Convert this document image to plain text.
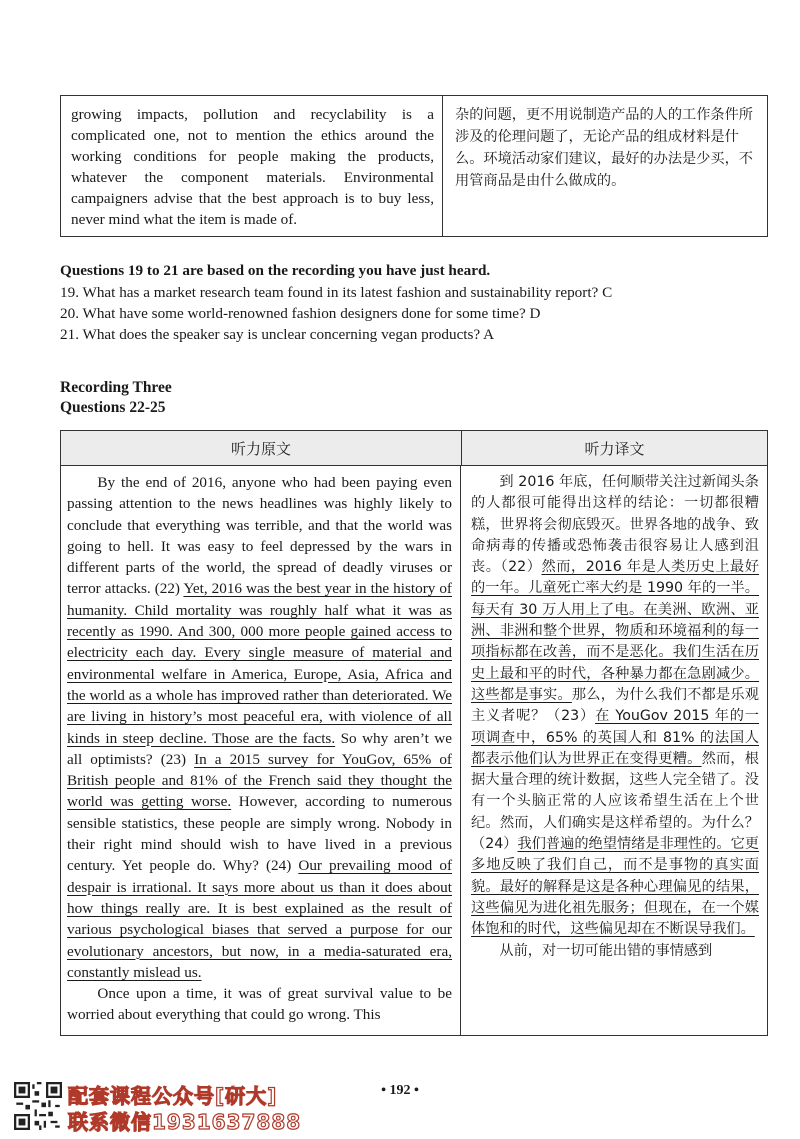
growing impacts, pollution and recyclability is a complicated one, not to mention the ethics around the working conditions for people making the products, whatever the component materials. Environmental campaigners advise that the best approach is to buy less, never mind what the item is made of.
杂的问题，更不用说制造产品的人的工作条件所涉及的伦理问题了，无论产品的组成材料是什么。环境活动家们建议，最好的办法是少买，不用管商品是由什么做成的。
Questions 19 to 21 are based on the recording you have just heard.
19. What has a market research team found in its latest fashion and sustainability report? C
20. What have some world-renowned fashion designers done for some time? D
21. What does the speaker say is unclear concerning vegan products? A
Recording Three
Questions 22-25
听力原文	听力译文

By the end of 2016, anyone who had been paying even passing attention to the news headlines was highly likely to conclude that everything was terrible, and that the world was going to hell. It was easy to feel depressed by the wars in different parts of the world, the spread of deadly viruses or terror attacks. (22) Yet, 2016 was the best year in the history of humanity. Child mortality was roughly half what it was as recently as 1990. And 300, 000 more people gained access to electricity each day. Every single measure of material and environmental welfare in America, Europe, Asia, Africa and the world as a whole has improved rather than deteriorated. We are living in history’s most peaceful era, with violence of all kinds in steep decline. Those are the facts. So why aren’t we all optimists? (23) In a 2015 survey for YouGov, 65% of British people and 81% of the French said they thought the world was getting worse. However, according to numerous sensible statistics, these people are simply wrong. Nobody in their right mind should wish to have lived in a previous century. Yet people do. Why? (24) Our prevailing mood of despair is irrational. It says more about us than it does about how things really are. It is best explained as the result of various psychological biases that served a purpose for our evolutionary ancestors, but now, in a media-saturated era, constantly mislead us.

Once upon a time, it was of great survival value to be worried about everything that could go wrong. This

到 2016 年底，任何顺带关注过新闻头条的人都很可能得出这样的结论：一切都很糟糕，世界将会彻底毁灭。世界各地的战争、致命病毒的传播或恐怖袭击很容易让人感到沮丧。（22）然而，2016 年是人类历史上最好的一年。儿童死亡率大约是 1990 年的一半。每天有 30 万人用上了电。在美洲、欧洲、亚洲、非洲和整个世界，物质和环境福利的每一项指标都在改善，而不是恶化。我们生活在历史上最和平的时代，各种暴力都在急剧减少。这些都是事实。那么，为什么我们不都是乐观主义者呢？（23）在 YouGov 2015 年的一项调查中，65% 的英国人和 81% 的法国人都表示他们认为世界正在变得更糟。然而，根据大量合理的统计数据，这些人完全错了。没有一个头脑正常的人应该希望生活在上个世纪。然而，人们确实是这样希望的。为什么？（24）我们普遍的绝望情绪是非理性的。它更多地反映了我们自己，而不是事物的真实面貌。最好的解释是这是各种心理偏见的结果，这些偏见为进化祖先服务；但现在，在一个媒体饱和的时代，这些偏见却在不断误导我们。

从前，对一切可能出错的事情感到

• 192 •
配套课程公众号[研大]
联系微信1931637888
